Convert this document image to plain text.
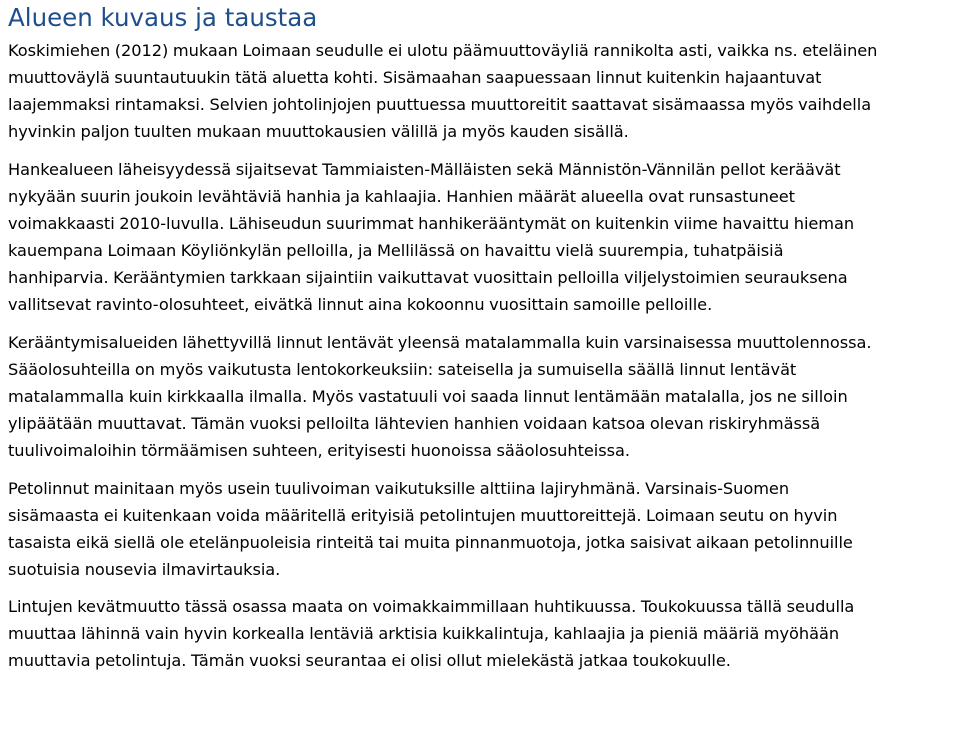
Alueen kuvaus ja taustaa

Koskimiehen (2012) mukaan Loimaan seudulle ei ulotu päämuuttoväyliä rannikolta asti, vaikka ns. eteläinen
muuttoväylä suuntautuukin tätä aluetta kohti. Sisämaahan saapuessaan linnut kuitenkin hajaantuvat
laajemmaksi rintamaksi. Selvien johtolinjojen puuttuessa muuttoreitit saattavat sisämaassa myös vaihdella
hyvinkin paljon tuulten mukaan muuttokausien välillä ja myös kauden sisällä.

Hankealueen läheisyydessä sijaitsevat Tammiaisten-Mälläisten sekä Männistön-Vännilän pellot keräävät
nykyään suurin joukoin levähtäviä hanhia ja kahlaajia. Hanhien määrät alueella ovat runsastuneet
voimakkaasti 2010-luvulla. Lähiseudun suurimmat hanhikerääntymät on kuitenkin viime havaittu hieman
kauempana Loimaan Köyliönkylän pelloilla, ja Mellilässä on havaittu vielä suurempia, tuhatpäisiä
hanhiparvia. Kerääntymien tarkkaan sijaintiin vaikuttavat vuosittain pelloilla viljelystoimien seurauksena
vallitsevat ravinto-olosuhteet, eivätkä linnut aina kokoonnu vuosittain samoille pelloille.

Kerääntymisalueiden lähettyvillä linnut lentävät yleensä matalammalla kuin varsinaisessa muuttolennossa.
Sääolosuhteilla on myös vaikutusta lentokorkeuksiin: sateisella ja sumuisella säällä linnut lentävät
matalammalla kuin kirkkaalla ilmalla. Myös vastatuuli voi saada linnut lentämään matalalla, jos ne silloin
ylipäätään muuttavat. Tämän vuoksi pelloilta lähtevien hanhien voidaan katsoa olevan riskiryhmässä
tuulivoimaloihin törmäämisen suhteen, erityisesti huonoissa sääolosuhteissa.

Petolinnut mainitaan myös usein tuulivoiman vaikutuksille alttiina lajiryhmänä. Varsinais-Suomen
sisämaasta ei kuitenkaan voida määritellä erityisiä petolintujen muuttoreittejä. Loimaan seutu on hyvin
tasaista eikä siellä ole etelänpuoleisia rinteitä tai muita pinnanmuotoja, jotka saisivat aikaan petolinnuille
suotuisia nousevia ilmavirtauksia.

Lintujen kevätmuutto tässä osassa maata on voimakkaimmillaan huhtikuussa. Toukokuussa tällä seudulla
muuttaa lähinnä vain hyvin korkealla lentäviä arktisia kuikkalintuja, kahlaajia ja pieniä määriä myöhään
muuttavia petolintuja. Tämän vuoksi seurantaa ei olisi ollut mielekästä jatkaa toukokuulle.
